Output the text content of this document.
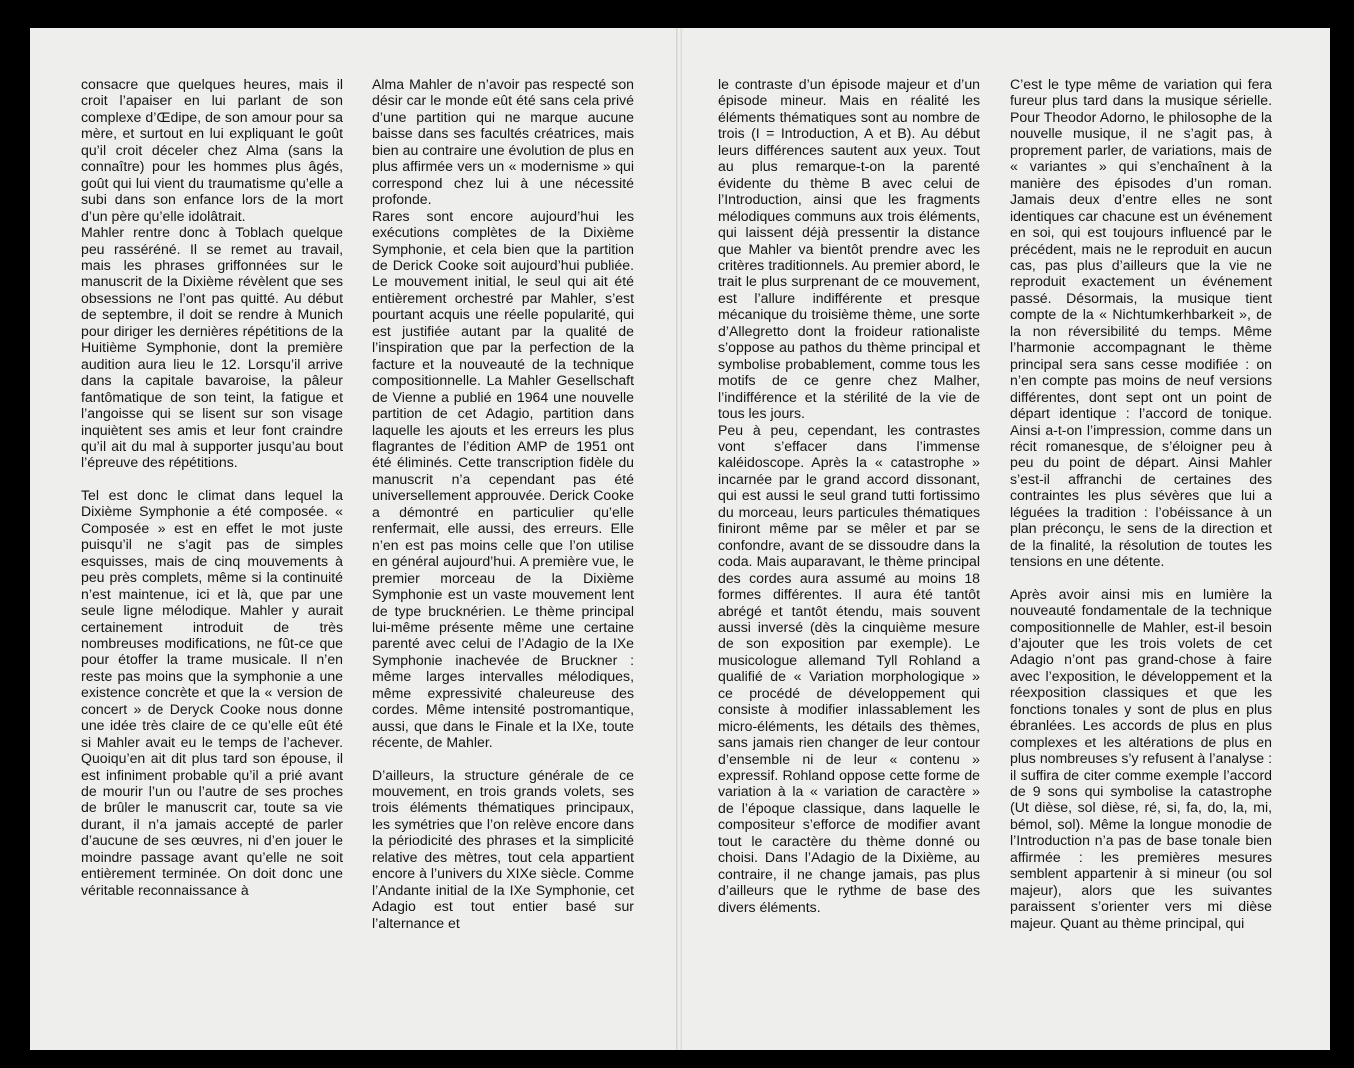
consacre que quelques heures, mais il croit l’apaiser en lui parlant de son complexe d’Œdipe, de son amour pour sa mère, et surtout en lui expliquant le goût qu’il croit déceler chez Alma (sans la connaître) pour les hommes plus âgés, goût qui lui vient du traumatisme qu’elle a subi dans son enfance lors de la mort d’un père qu’elle idolâtrait.

Mahler rentre donc à Toblach quelque peu rasséréné. Il se remet au travail, mais les phrases griffonnées sur le manuscrit de la Dixième révèlent que ses obsessions ne l’ont pas quitté. Au début de septembre, il doit se rendre à Munich pour diriger les dernières répétitions de la Huitième Symphonie, dont la première audition aura lieu le 12. Lorsqu’il arrive dans la capitale bavaroise, la pâleur fantômatique de son teint, la fatigue et l’angoisse qui se lisent sur son visage inquiètent ses amis et leur font craindre qu’il ait du mal à supporter jusqu’au bout l’épreuve des répétitions.

Tel est donc le climat dans lequel la Dixième Symphonie a été composée. « Composée » est en effet le mot juste puisqu’il ne s’agit pas de simples esquisses, mais de cinq mouvements à peu près complets, même si la continuité n’est maintenue, ici et là, que par une seule ligne mélodique. Mahler y aurait certainement introduit de très nombreuses modifications, ne fût-ce que pour étoffer la trame musicale. Il n’en reste pas moins que la symphonie a une existence concrète et que la « version de concert » de Deryck Cooke nous donne une idée très claire de ce qu’elle eût été si Mahler avait eu le temps de l’achever. Quoiqu’en ait dit plus tard son épouse, il est infiniment probable qu’il a prié avant de mourir l’un ou l’autre de ses proches de brûler le manuscrit car, toute sa vie durant, il n’a jamais accepté de parler d’aucune de ses œuvres, ni d’en jouer le moindre passage avant qu’elle ne soit entièrement terminée. On doit donc une véritable reconnaissance à

Alma Mahler de n’avoir pas respecté son désir car le monde eût été sans cela privé d’une partition qui ne marque aucune baisse dans ses facultés créatrices, mais bien au contraire une évolution de plus en plus affirmée vers un « modernisme » qui correspond chez lui à une nécessité profonde.

Rares sont encore aujourd’hui les exécutions complètes de la Dixième Symphonie, et cela bien que la partition de Derick Cooke soit aujourd’hui publiée. Le mouvement initial, le seul qui ait été entièrement orchestré par Mahler, s’est pourtant acquis une réelle popularité, qui est justifiée autant par la qualité de l’inspiration que par la perfection de la facture et la nouveauté de la technique compositionnelle. La Mahler Gesellschaft de Vienne a publié en 1964 une nouvelle partition de cet Adagio, partition dans laquelle les ajouts et les erreurs les plus flagrantes de l’édition AMP de 1951 ont été éliminés. Cette transcription fidèle du manuscrit n’a cependant pas été universellement approuvée. Derick Cooke a démontré en particulier qu’elle renfermait, elle aussi, des erreurs. Elle n’en est pas moins celle que l’on utilise en général aujourd’hui. A première vue, le premier morceau de la Dixième Symphonie est un vaste mouvement lent de type brucknérien. Le thème principal lui-même présente même une certaine parenté avec celui de l’Adagio de la IXe Symphonie inachevée de Bruckner : même larges intervalles mélodiques, même expressivité chaleureuse des cordes. Même intensité postromantique, aussi, que dans le Finale et la IXe, toute récente, de Mahler.

D’ailleurs, la structure générale de ce mouvement, en trois grands volets, ses trois éléments thématiques principaux, les symétries que l’on relève encore dans la périodicité des phrases et la simplicité relative des mètres, tout cela appartient encore à l’univers du XIXe siècle. Comme l’Andante initial de la IXe Symphonie, cet Adagio est tout entier basé sur l’alternance et

le contraste d’un épisode majeur et d’un épisode mineur. Mais en réalité les éléments thématiques sont au nombre de trois (I = Introduction, A et B). Au début leurs différences sautent aux yeux. Tout au plus remarque-t-on la parenté évidente du thème B avec celui de l’Introduction, ainsi que les fragments mélodiques communs aux trois éléments, qui laissent déjà pressentir la distance que Mahler va bientôt prendre avec les critères traditionnels. Au premier abord, le trait le plus surprenant de ce mouvement, est l’allure indifférente et presque mécanique du troisième thème, une sorte d’Allegretto dont la froideur rationaliste s’oppose au pathos du thème principal et symbolise probablement, comme tous les motifs de ce genre chez Malher, l’indifférence et la stérilité de la vie de tous les jours.

Peu à peu, cependant, les contrastes vont s’effacer dans l’immense kaléidoscope. Après la « catastrophe » incarnée par le grand accord dissonant, qui est aussi le seul grand tutti fortissimo du morceau, leurs particules thématiques finiront même par se mêler et par se confondre, avant de se dissoudre dans la coda. Mais auparavant, le thème principal des cordes aura assumé au moins 18 formes différentes. Il aura été tantôt abrégé et tantôt étendu, mais souvent aussi inversé (dès la cinquième mesure de son exposition par exemple). Le musicologue allemand Tyll Rohland a qualifié de « Variation morphologique » ce procédé de développement qui consiste à modifier inlassablement les micro-éléments, les détails des thèmes, sans jamais rien changer de leur contour d’ensemble ni de leur « contenu » expressif. Rohland oppose cette forme de variation à la « variation de caractère » de l’époque classique, dans laquelle le compositeur s’efforce de modifier avant tout le caractère du thème donné ou choisi. Dans l’Adagio de la Dixième, au contraire, il ne change jamais, pas plus d’ailleurs que le rythme de base des divers éléments.

C’est le type même de variation qui fera fureur plus tard dans la musique sérielle. Pour Theodor Adorno, le philosophe de la nouvelle musique, il ne s’agit pas, à proprement parler, de variations, mais de « variantes » qui s’enchaînent à la manière des épisodes d’un roman. Jamais deux d’entre elles ne sont identiques car chacune est un événement en soi, qui est toujours influencé par le précédent, mais ne le reproduit en aucun cas, pas plus d’ailleurs que la vie ne reproduit exactement un événement passé. Désormais, la musique tient compte de la « Nichtumkerhbarkeit », de la non réversibilité du temps. Même l’harmonie accompagnant le thème principal sera sans cesse modifiée : on n’en compte pas moins de neuf versions différentes, dont sept ont un point de départ identique : l’accord de tonique. Ainsi a-t-on l’impression, comme dans un récit romanesque, de s’éloigner peu à peu du point de départ. Ainsi Mahler s’est-il affranchi de certaines des contraintes les plus sévères que lui a léguées la tradition : l’obéissance à un plan préconçu, le sens de la direction et de la finalité, la résolution de toutes les tensions en une détente.

Après avoir ainsi mis en lumière la nouveauté fondamentale de la technique compositionnelle de Mahler, est-il besoin d’ajouter que les trois volets de cet Adagio n’ont pas grand-chose à faire avec l’exposition, le développement et la réexposition classiques et que les fonctions tonales y sont de plus en plus ébranlées. Les accords de plus en plus complexes et les altérations de plus en plus nombreuses s’y refusent à l’analyse : il suffira de citer comme exemple l’accord de 9 sons qui symbolise la catastrophe (Ut dièse, sol dièse, ré, si, fa, do, la, mi, bémol, sol). Même la longue monodie de l’Introduction n’a pas de base tonale bien affirmée : les premières mesures semblent appartenir à si mineur (ou sol majeur), alors que les suivantes paraissent s’orienter vers mi dièse majeur. Quant au thème principal, qui
